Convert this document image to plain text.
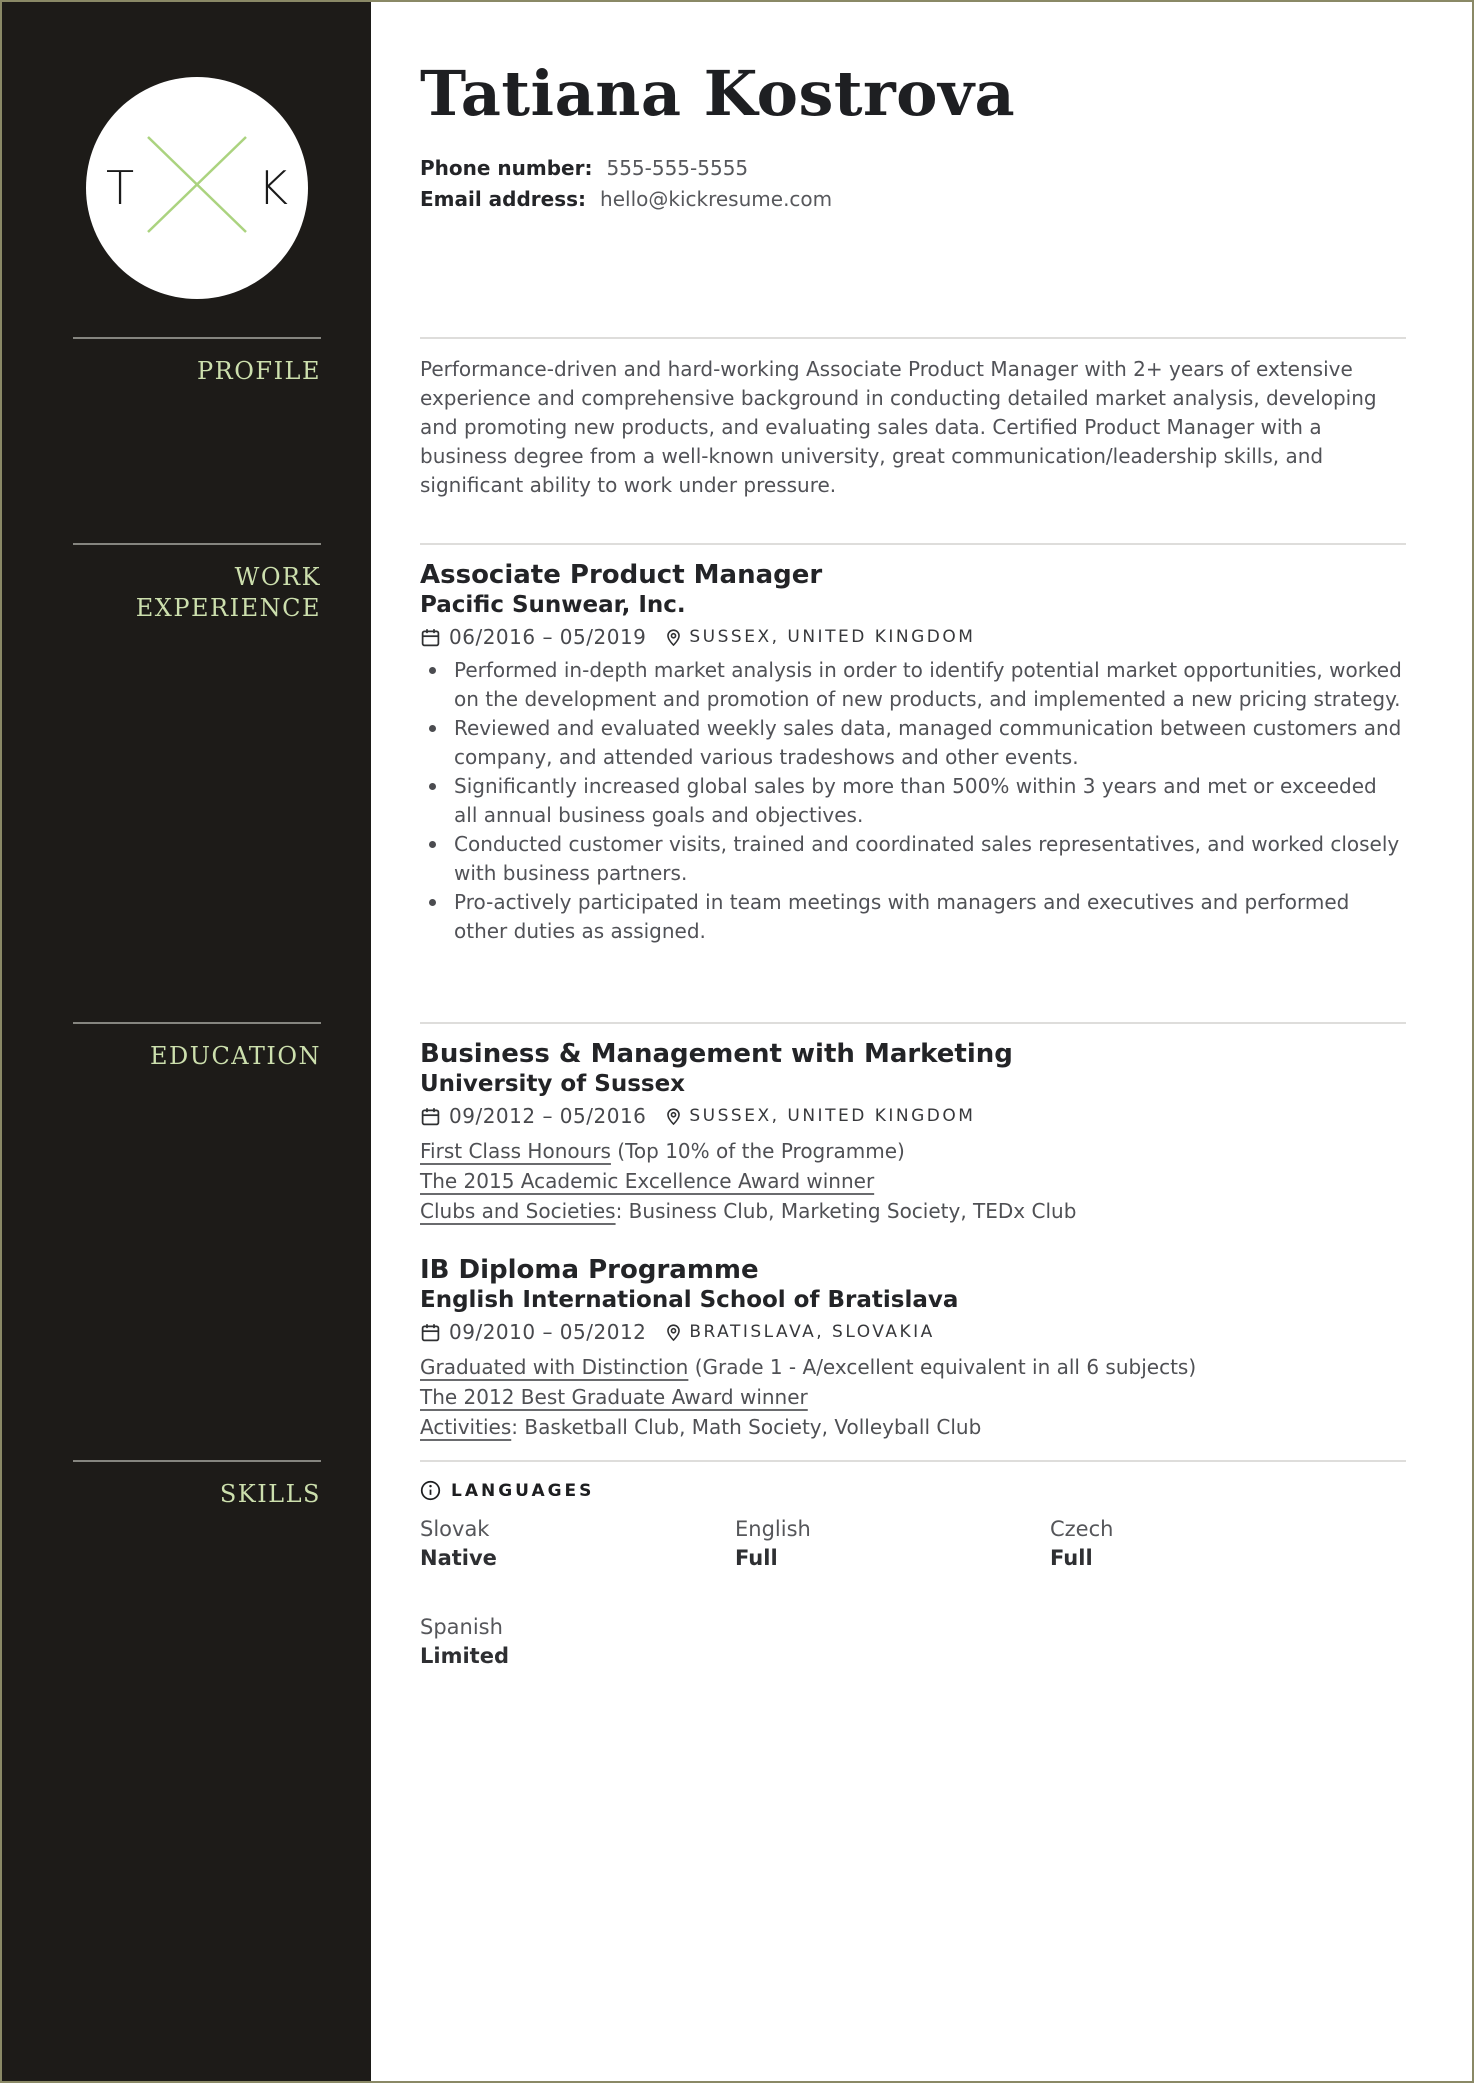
T	K
Tatiana Kostrova
Phone number: 555-555-5555
Email address: hello@kickresume.com
PROFILE	Performance-driven and hard-working Associate Product Manager with 2+ years of extensive experience and comprehensive background in conducting detailed market analysis, developing and promoting new products, and evaluating sales data. Certified Product Manager with a business degree from a well-known university, great communication/leadership skills, and significant ability to work under pressure.

WORK EXPERIENCE
Associate Product Manager
Pacific Sunwear, Inc.
06/2016 – 05/2019	SUSSEX, UNITED KINGDOM
Performed in-depth market analysis in order to identify potential market opportunities, worked on the development and promotion of new products, and implemented a new pricing strategy.
Reviewed and evaluated weekly sales data, managed communication between customers and company, and attended various tradeshows and other events.
Significantly increased global sales by more than 500% within 3 years and met or exceeded all annual business goals and objectives.
Conducted customer visits, trained and coordinated sales representatives, and worked closely with business partners.
Pro-actively participated in team meetings with managers and executives and performed other duties as assigned.
EDUCATION	Business & Management with Marketing
University of Sussex
09/2012 – 05/2016	SUSSEX, UNITED KINGDOM
First Class Honours (Top 10% of the Programme)
The 2015 Academic Excellence Award winner
Clubs and Societies: Business Club, Marketing Society, TEDx Club
IB Diploma Programme
English International School of Bratislava
09/2010 – 05/2012	BRATISLAVA, SLOVAKIA
Graduated with Distinction (Grade 1 - A/excellent equivalent in all 6 subjects)
The 2012 Best Graduate Award winner
Activities: Basketball Club, Math Society, Volleyball Club
SKILLS	LANGUAGES
Slovak
Native
English
Full
Czech
Full
Spanish
Limited
